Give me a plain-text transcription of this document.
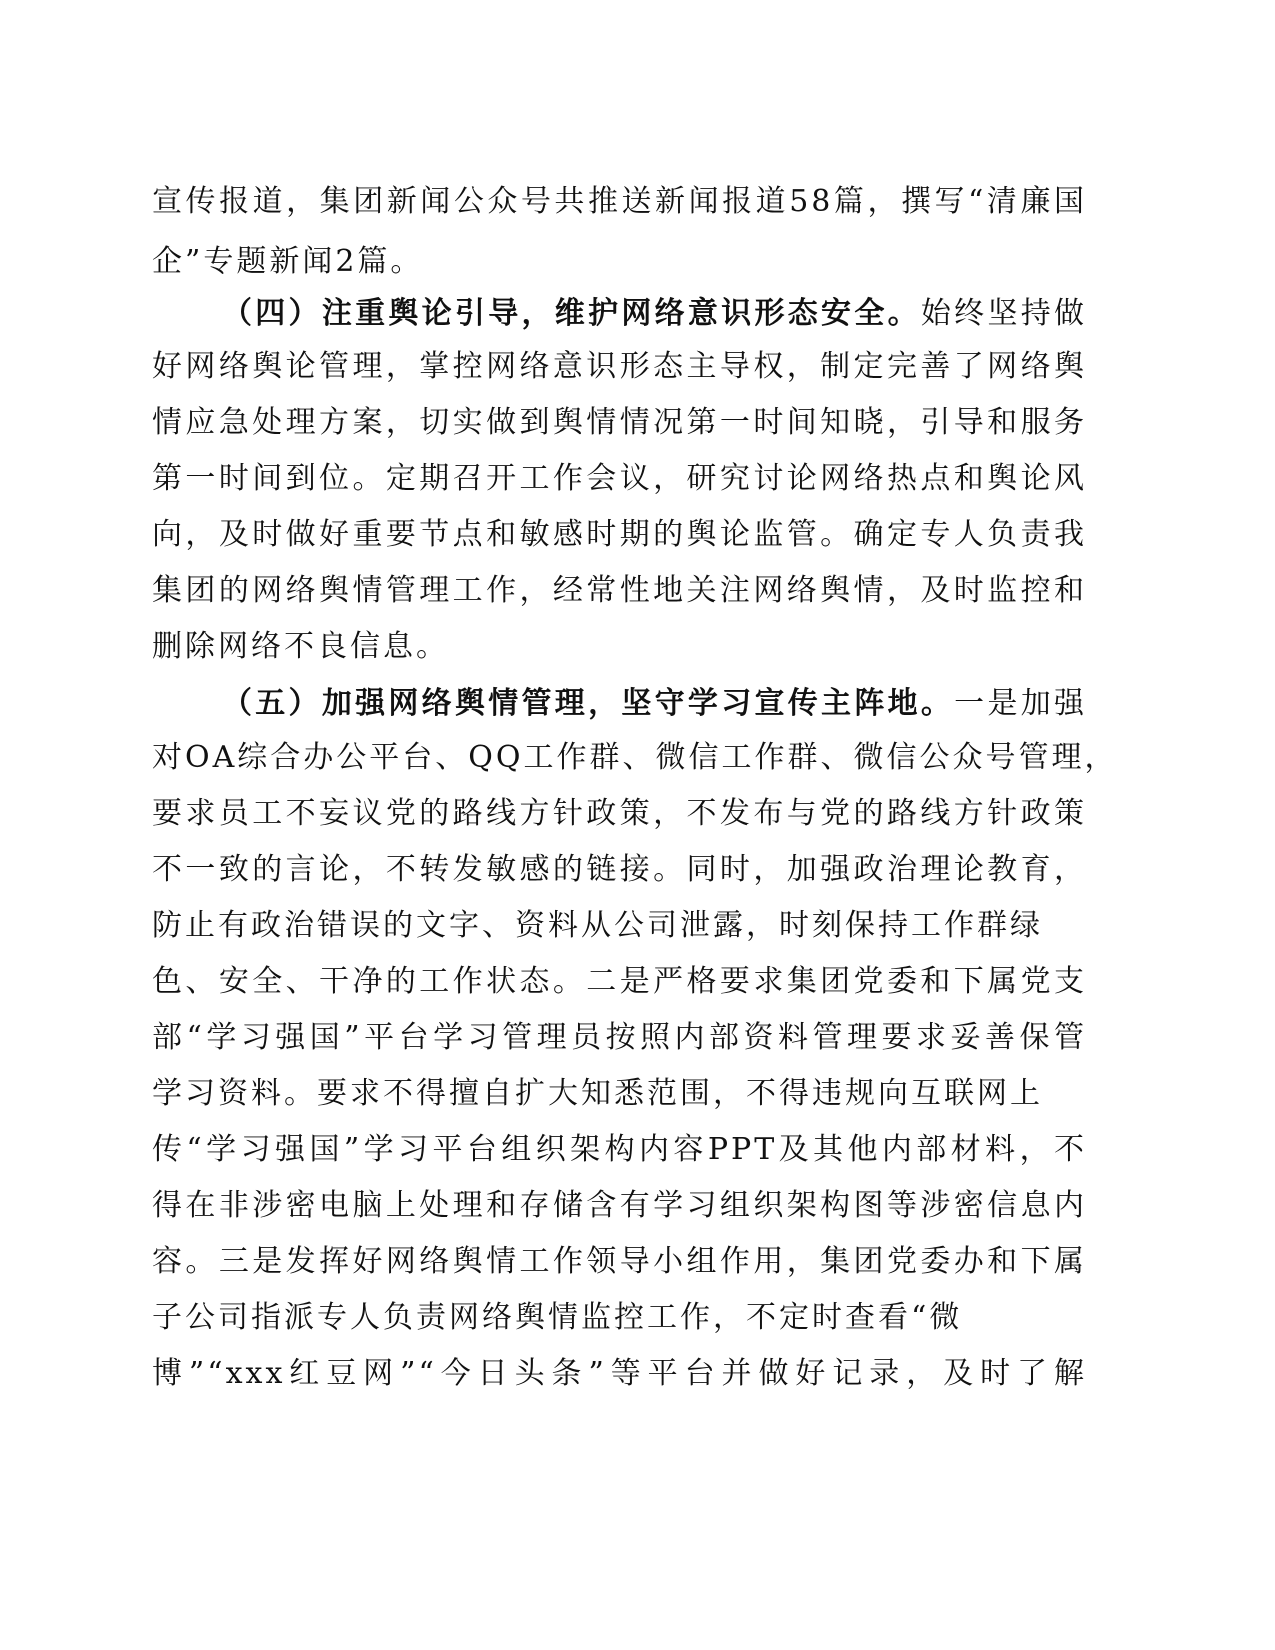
宣传报道，集团新闻公众号共推送新闻报道58篇，撰写“清廉国
企”专题新闻2篇。
（四）注重舆论引导，维护网络意识形态安全。始终坚持做
好网络舆论管理，掌控网络意识形态主导权，制定完善了网络舆
情应急处理方案，切实做到舆情情况第一时间知晓，引导和服务
第一时间到位。定期召开工作会议，研究讨论网络热点和舆论风
向，及时做好重要节点和敏感时期的舆论监管。确定专人负责我
集团的网络舆情管理工作，经常性地关注网络舆情，及时监控和
删除网络不良信息。
（五）加强网络舆情管理，坚守学习宣传主阵地。一是加强
对OA综合办公平台、QQ工作群、微信工作群、微信公众号管理，
要求员工不妄议党的路线方针政策，不发布与党的路线方针政策
不一致的言论，不转发敏感的链接。同时，加强政治理论教育，
防止有政治错误的文字、资料从公司泄露，时刻保持工作群绿
色、安全、干净的工作状态。二是严格要求集团党委和下属党支
部“学习强国”平台学习管理员按照内部资料管理要求妥善保管
学习资料。要求不得擅自扩大知悉范围，不得违规向互联网上
传“学习强国”学习平台组织架构内容PPT及其他内部材料，不
得在非涉密电脑上处理和存储含有学习组织架构图等涉密信息内
容。三是发挥好网络舆情工作领导小组作用，集团党委办和下属
子公司指派专人负责网络舆情监控工作，不定时查看“微
博”“xxx红豆网”“今日头条”等平台并做好记录，及时了解
